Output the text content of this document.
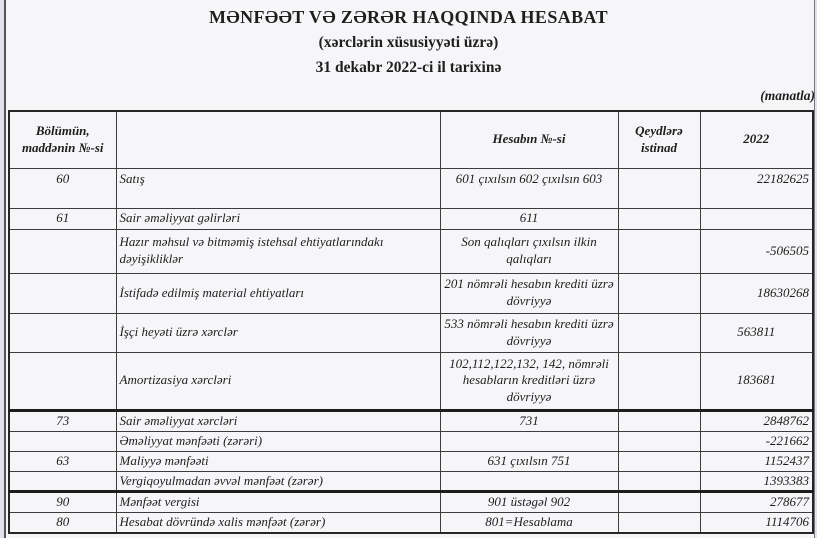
MƏNFƏƏT VƏ ZƏRƏR HAQQINDA HESABAT
(xərclərin xüsusiyyəti üzrə)
31 dekabr 2022-ci il tarixinə
(manatla)
Bölümün, maddənin №-si		Hesabın №-si	Qeydlərə istinad	2022
60	Satış	601 çıxılsın 602 çıxılsın 603		22182625
61	Sair əməliyyat gəlirləri	611		
	Hazır məhsul və bitməmiş istehsal ehtiyatlarındakı dəyişikliklər	Son qalıqları çıxılsın ilkin qalıqları		-506505
	İstifadə edilmiş material ehtiyatları	201 nömrəli hesabın krediti üzrə dövriyyə		18630268
	İşçi heyəti üzrə xərclər	533 nömrəli hesabın krediti üzrə dövriyyə		563811
	Amortizasiya xərcləri	102,112,122,132, 142, nömrəli hesabların kreditləri üzrə dövriyyə		183681
73	Sair əməliyyat xərcləri	731		2848762
	Əməliyyat mənfəəti (zərəri)			-221662
63	Maliyyə mənfəəti	631 çıxılsın 751		1152437
	Vergiqoyulmadan əvvəl mənfəət (zərər)			1393383
90	Mənfəət vergisi	901 üstəgəl 902		278677
80	Hesabat dövründə xalis mənfəət (zərər)	801=Hesablama		1114706
